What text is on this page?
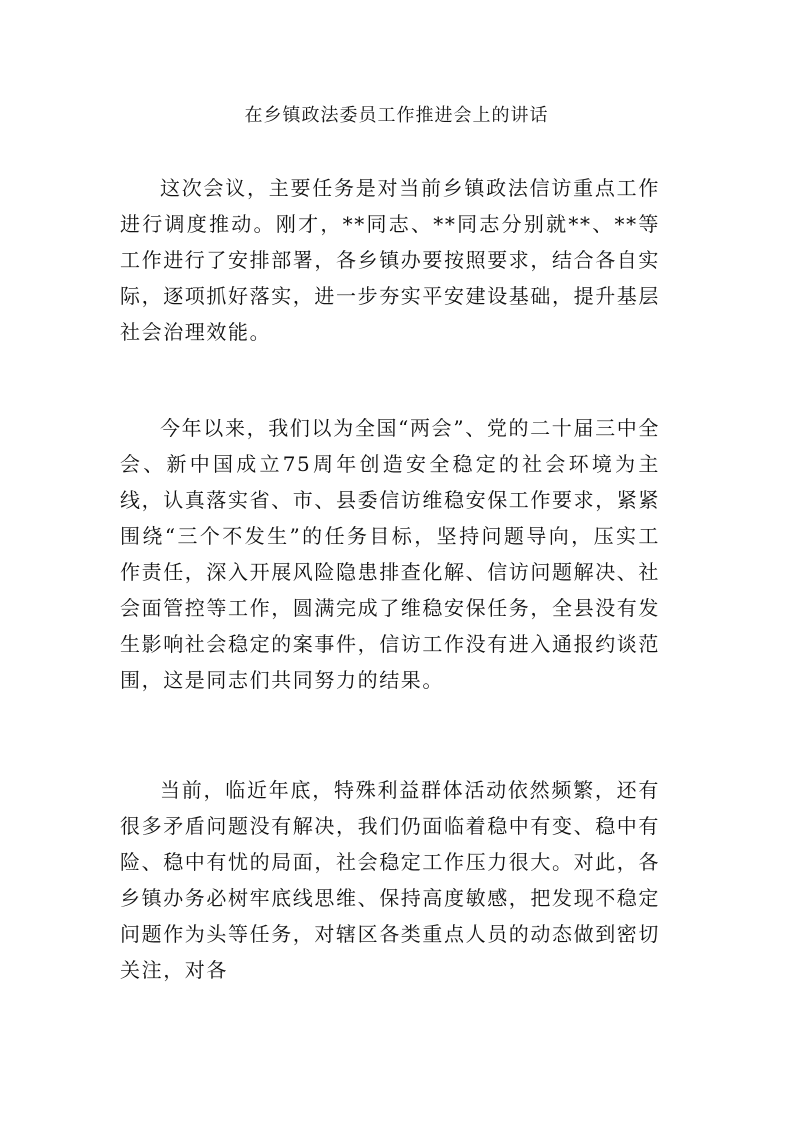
在乡镇政法委员工作推进会上的讲话

这次会议，主要任务是对当前乡镇政法信访重点工作进行调度推动。刚才，**同志、**同志分别就**、**等工作进行了安排部署，各乡镇办要按照要求，结合各自实际，逐项抓好落实，进一步夯实平安建设基础，提升基层社会治理效能。

今年以来，我们以为全国“两会”、党的二十届三中全会、新中国成立75周年创造安全稳定的社会环境为主线，认真落实省、市、县委信访维稳安保工作要求，紧紧围绕“三个不发生”的任务目标，坚持问题导向，压实工作责任，深入开展风险隐患排查化解、信访问题解决、社会面管控等工作，圆满完成了维稳安保任务，全县没有发生影响社会稳定的案事件，信访工作没有进入通报约谈范围，这是同志们共同努力的结果。

当前，临近年底，特殊利益群体活动依然频繁，还有很多矛盾问题没有解决，我们仍面临着稳中有变、稳中有险、稳中有忧的局面，社会稳定工作压力很大。对此，各乡镇办务必树牢底线思维、保持高度敏感，把发现不稳定问题作为头等任务，对辖区各类重点人员的动态做到密切关注，对各
